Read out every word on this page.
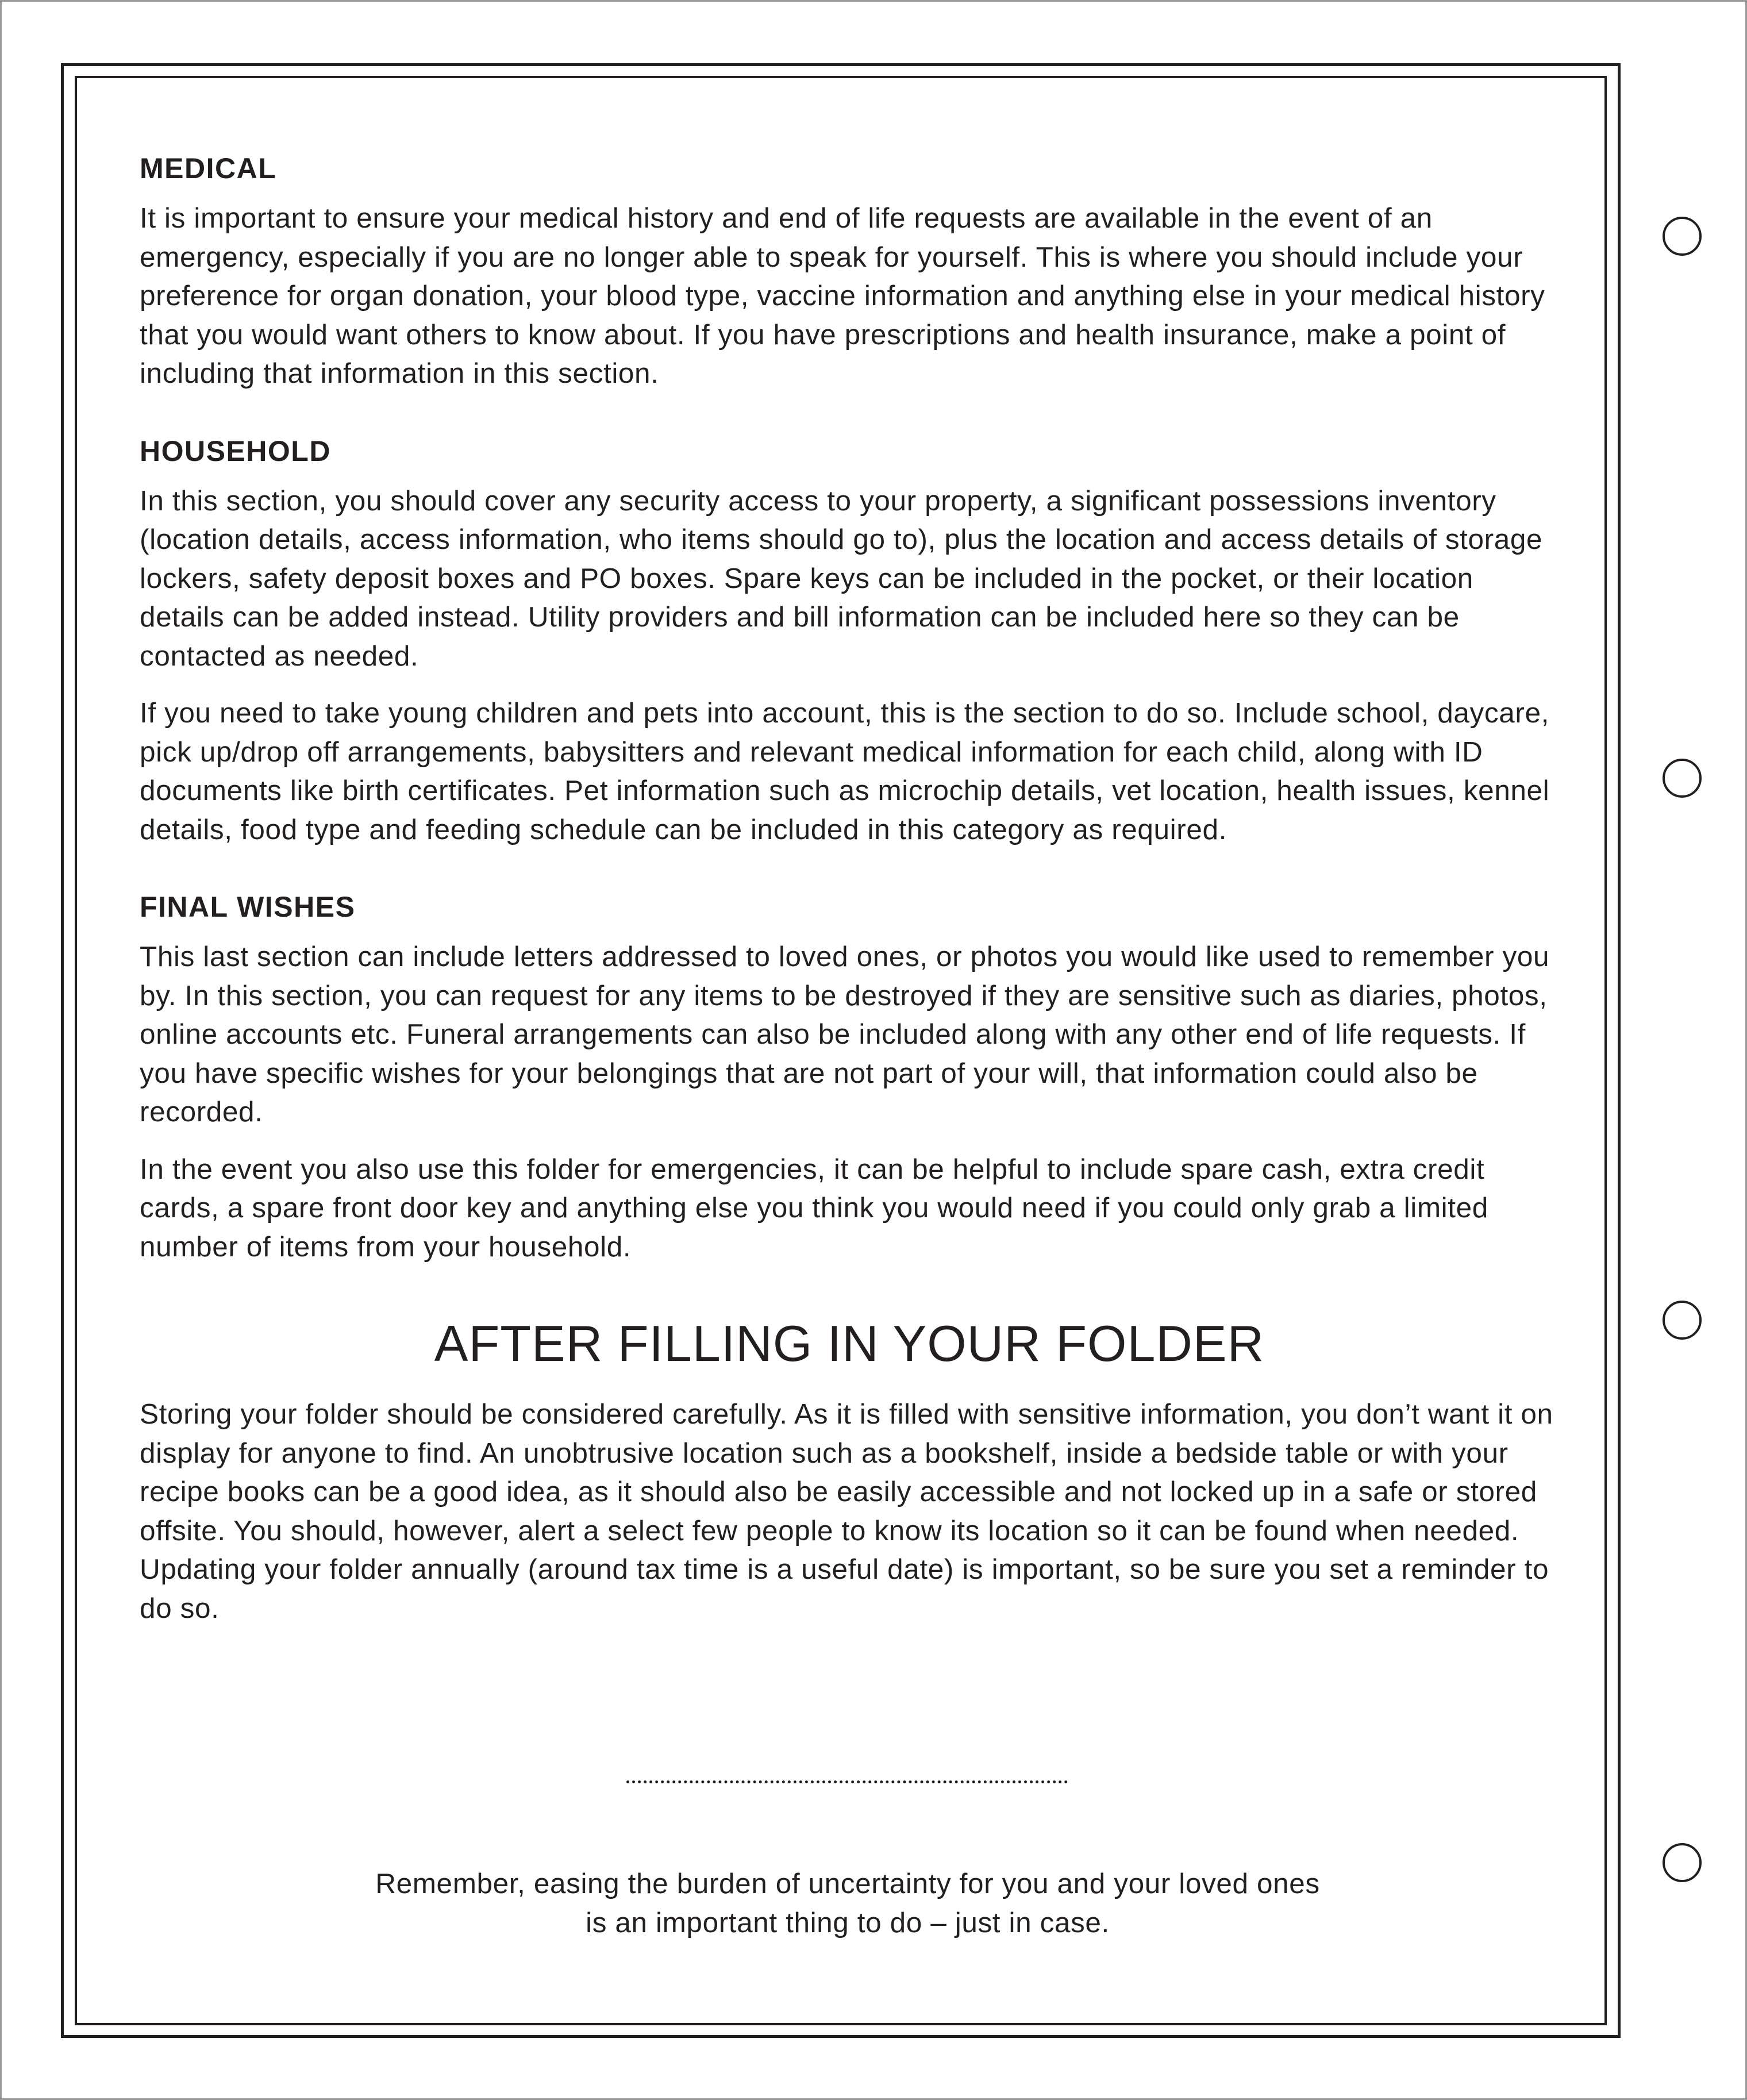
MEDICAL

It is important to ensure your medical history and end of life requests are available in the event of an emergency, especially if you are no longer able to speak for yourself. This is where you should include your preference for organ donation, your blood type, vaccine information and anything else in your medical history that you would want others to know about. If you have prescriptions and health insurance, make a point of including that information in this section.

HOUSEHOLD

In this section, you should cover any security access to your property, a significant possessions inventory (location details, access information, who items should go to), plus the location and access details of storage lockers, safety deposit boxes and PO boxes. Spare keys can be included in the pocket, or their location details can be added instead. Utility providers and bill information can be included here so they can be contacted as needed.

If you need to take young children and pets into account, this is the section to do so. Include school, daycare, pick up/drop off arrangements, babysitters and relevant medical information for each child, along with ID documents like birth certificates. Pet information such as microchip details, vet location, health issues, kennel details, food type and feeding schedule can be included in this category as required.

FINAL WISHES

This last section can include letters addressed to loved ones, or photos you would like used to remember you by. In this section, you can request for any items to be destroyed if they are sensitive such as diaries, photos, online accounts etc. Funeral arrangements can also be included along with any other end of life requests. If you have specific wishes for your belongings that are not part of your will, that information could also be recorded.

In the event you also use this folder for emergencies, it can be helpful to include spare cash, extra credit cards, a spare front door key and anything else you think you would need if you could only grab a limited number of items from your household.

AFTER FILLING IN YOUR FOLDER

Storing your folder should be considered carefully. As it is filled with sensitive information, you don’t want it on display for anyone to find. An unobtrusive location such as a bookshelf, inside a bedside table or with your recipe books can be a good idea, as it should also be easily accessible and not locked up in a safe or stored offsite. You should, however, alert a select few people to know its location so it can be found when needed. Updating your folder annually (around tax time is a useful date) is important, so be sure you set a reminder to do so.

Remember, easing the burden of uncertainty for you and your loved ones
is an important thing to do – just in case.
